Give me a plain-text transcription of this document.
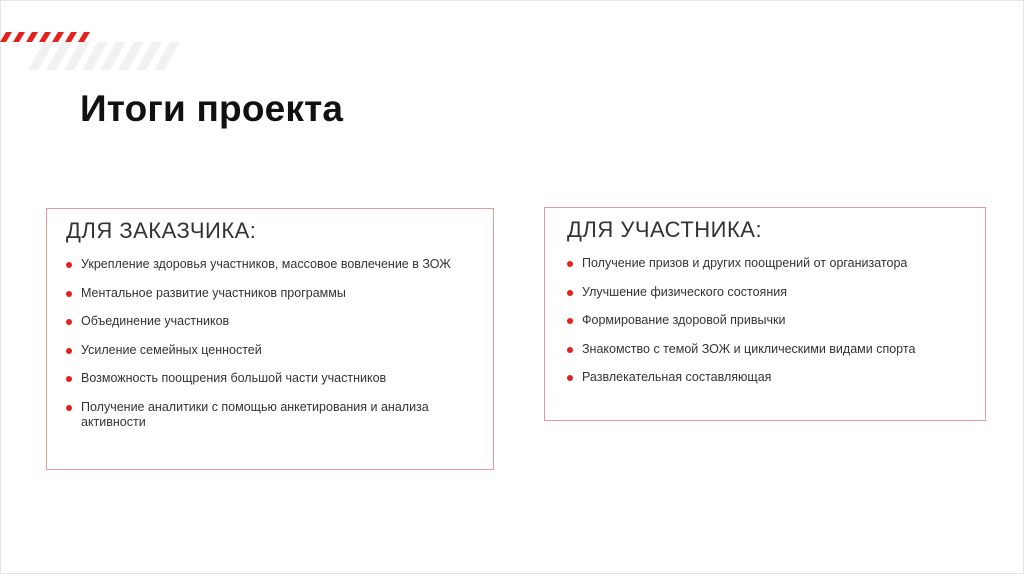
Итоги проекта
ДЛЯ ЗАКАЗЧИКА:
Укрепление здоровья участников, массовое вовлечение в ЗОЖ
Ментальное развитие участников программы
Объединение участников
Усиление семейных ценностей
Возможность поощрения большой части участников
Получение аналитики с помощью анкетирования и анализа активности
ДЛЯ УЧАСТНИКА:
Получение призов и других поощрений от организатора
Улучшение физического состояния
Формирование здоровой привычки
Знакомство с темой ЗОЖ и циклическими видами спорта
Развлекательная составляющая
